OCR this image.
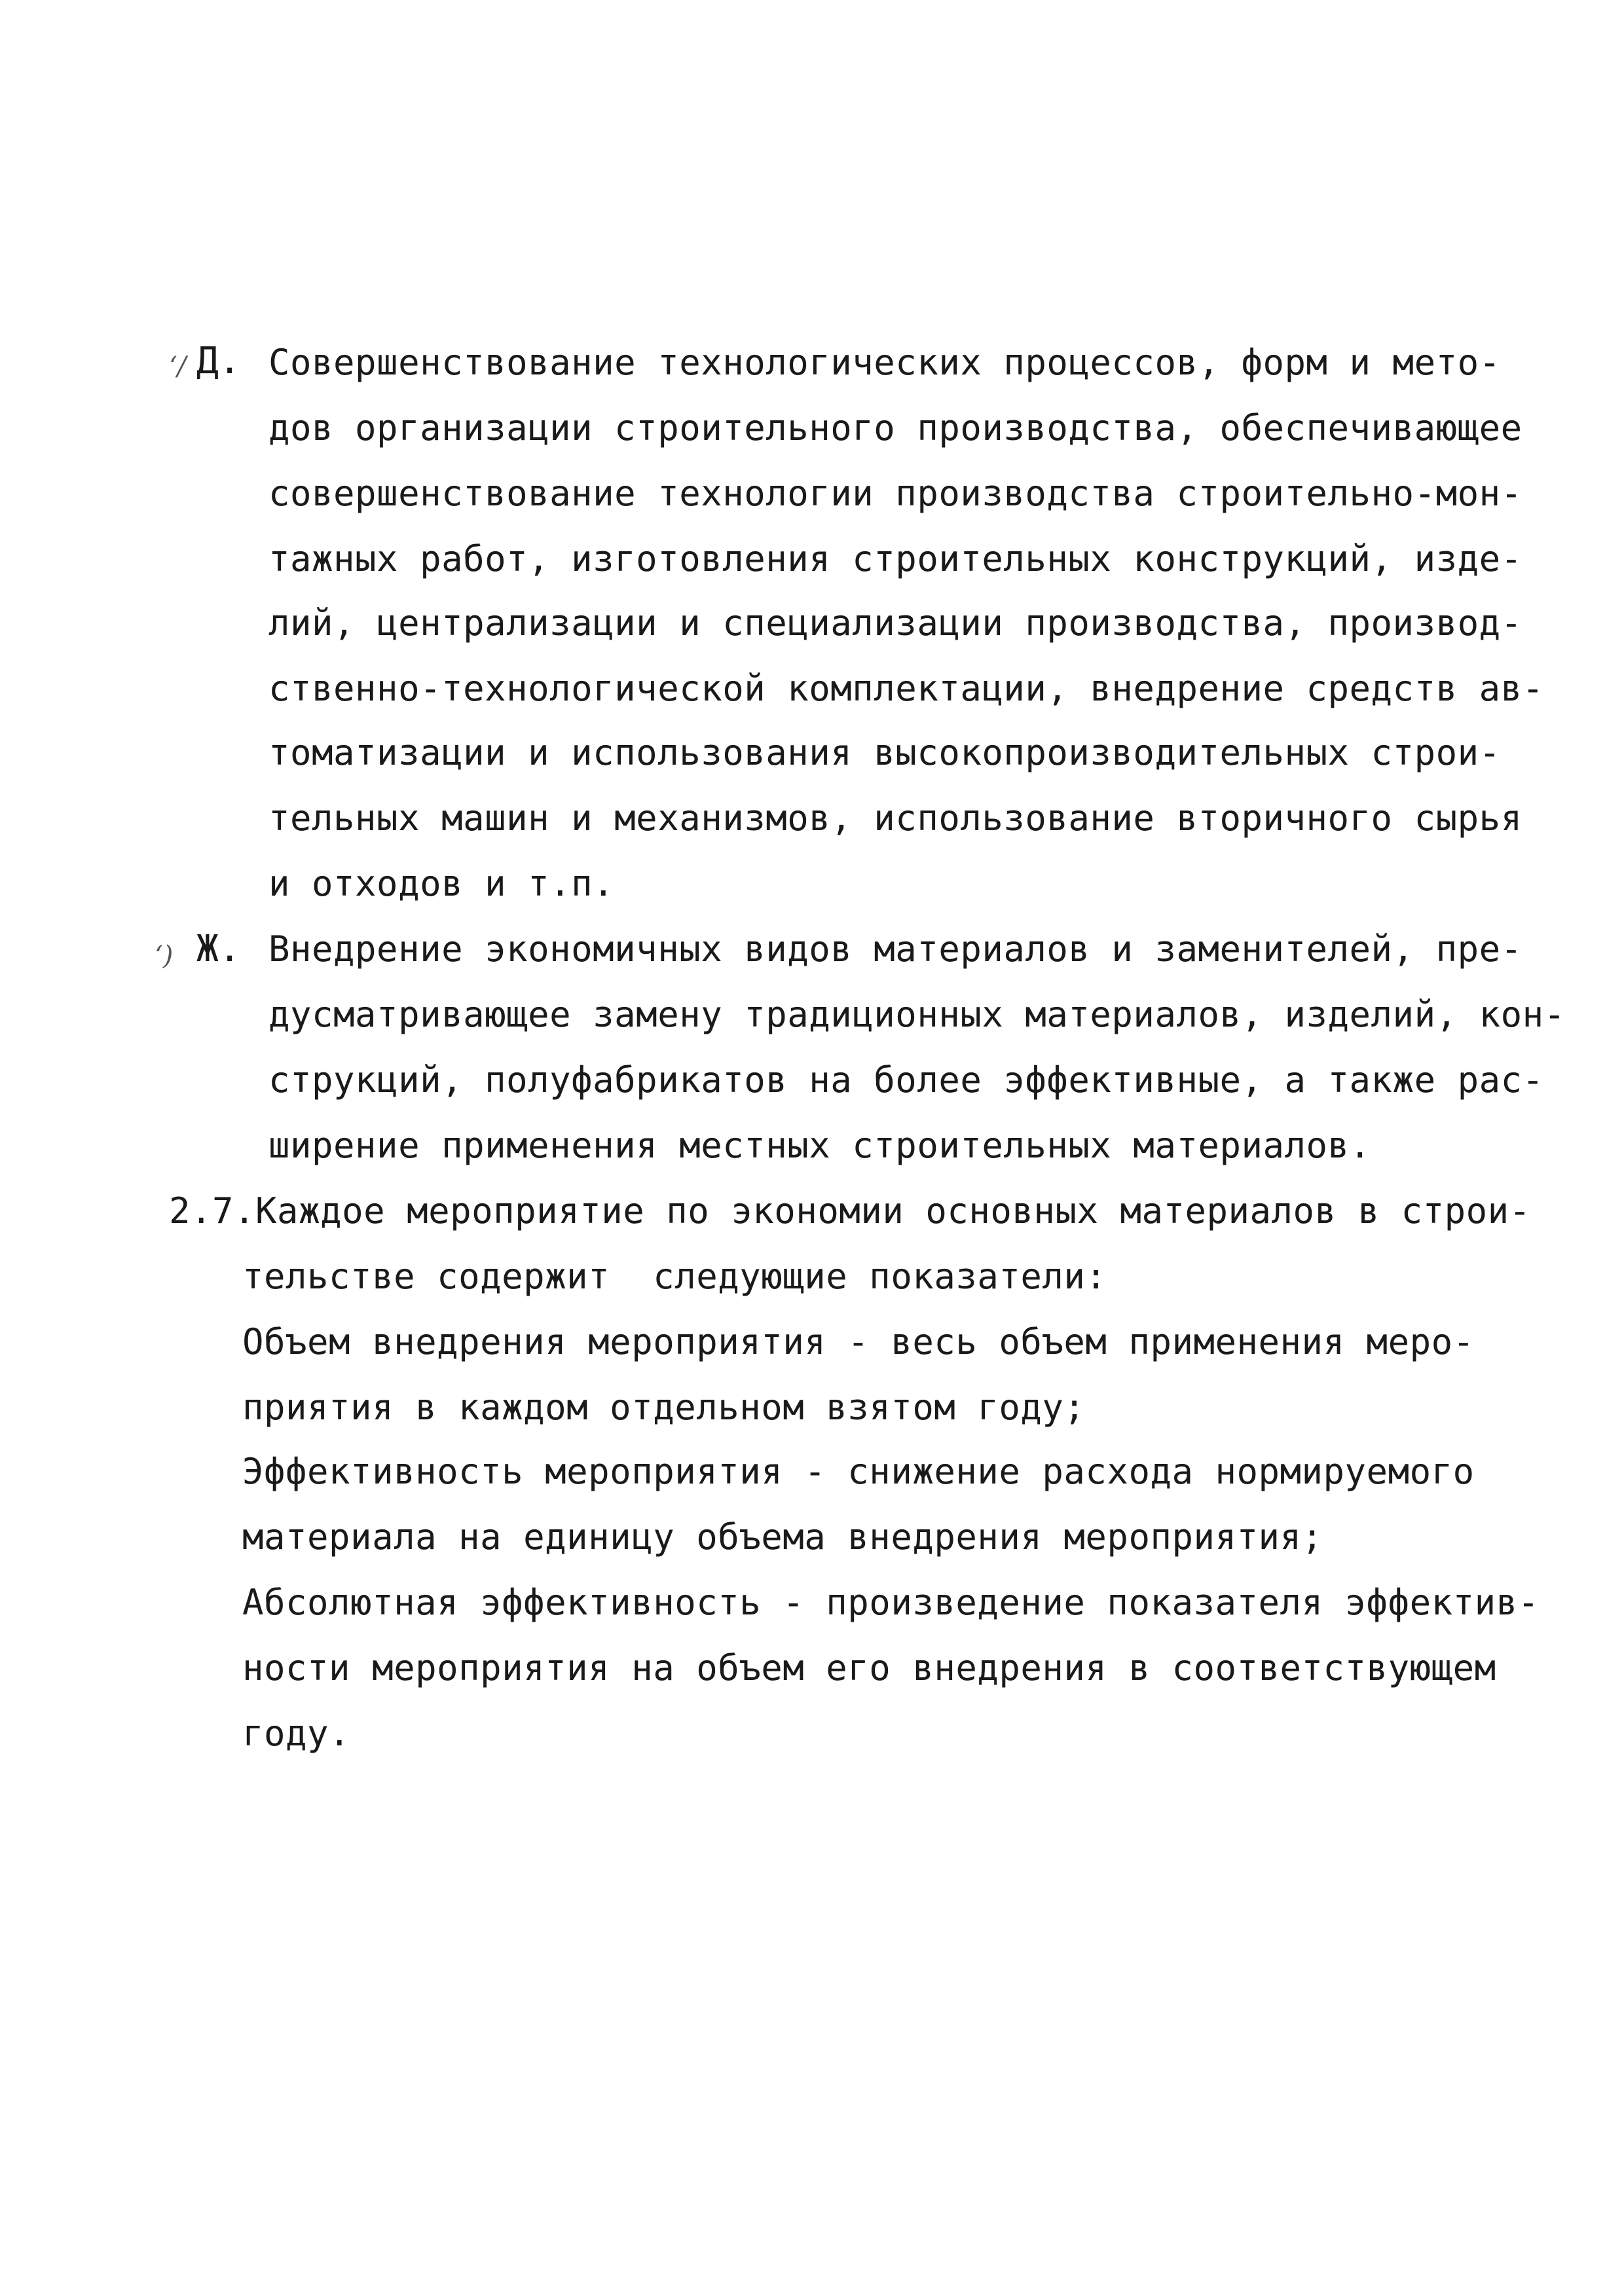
ʻ/ Д. Совершенствование технологических процессов, форм и мето-
дов организации строительного производства, обеспечивающее
совершенствование технологии производства строительно-мон-
тажных работ, изготовления строительных конструкций, изде-
лий, централизации и специализации производства, производ-
ственно-технологической комплектации, внедрение средств ав-
томатизации и использования высокопроизводительных строи-
тельных машин и механизмов, использование вторичного сырья
и отходов и т.п.
ʻ) Ж. Внедрение экономичных видов материалов и заменителей, пре-
дусматривающее замену традиционных материалов, изделий, кон-
струкций, полуфабрикатов на более эффективные, а также рас-
ширение применения местных строительных материалов.
2.7.Каждое мероприятие по экономии основных материалов в строи-
тельстве содержит  следующие показатели:
Объем внедрения мероприятия - весь объем применения меро-
приятия в каждом отдельном взятом году;
Эффективность мероприятия - снижение расхода нормируемого
материала на единицу объема внедрения мероприятия;
Абсолютная эффективность - произведение показателя эффектив-
ности мероприятия на объем его внедрения в соответствующем
году.
